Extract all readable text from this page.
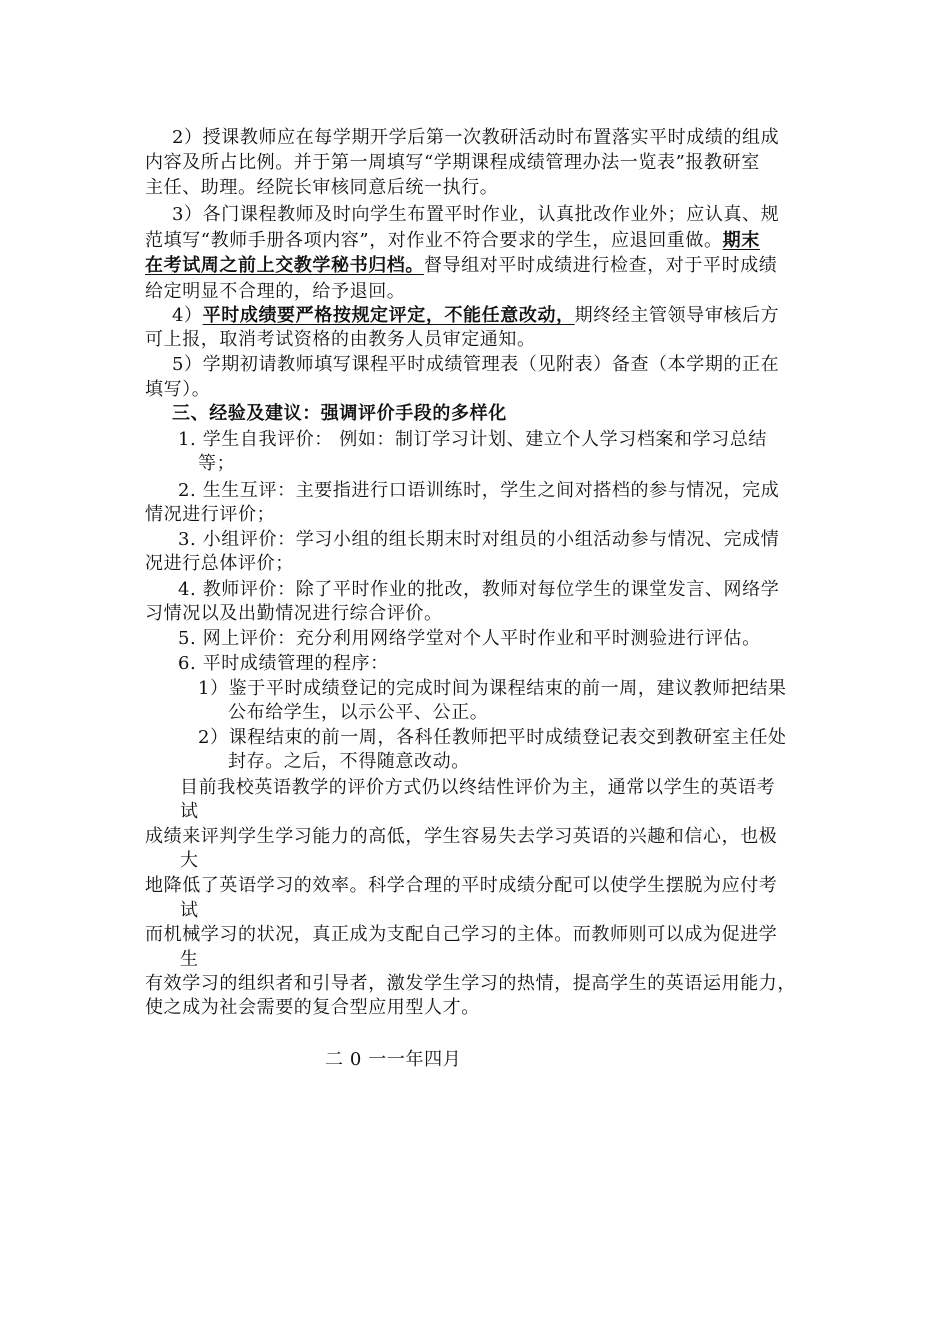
2）授课教师应在每学期开学后第一次教研活动时布置落实平时成绩的组成
内容及所占比例。并于第一周填写“学期课程成绩管理办法一览表”报教研室
主任、助理。经院长审核同意后统一执行。
3）各门课程教师及时向学生布置平时作业，认真批改作业外；应认真、规
范填写“教师手册各项内容”，对作业不符合要求的学生，应退回重做。期末
在考试周之前上交教学秘书归档。督导组对平时成绩进行检查，对于平时成绩
给定明显不合理的，给予退回。
4）平时成绩要严格按规定评定，不能任意改动，期终经主管领导审核后方
可上报，取消考试资格的由教务人员审定通知。
5）学期初请教师填写课程平时成绩管理表（见附表）备查（本学期的正在
填写）。
三、经验及建议：强调评价手段的多样化
1. 学生自我评价： 例如：制订学习计划、建立个人学习档案和学习总结
等；
2. 生生互评：主要指进行口语训练时，学生之间对搭档的参与情况，完成
情况进行评价；
3. 小组评价：学习小组的组长期末时对组员的小组活动参与情况、完成情
况进行总体评价；
4. 教师评价：除了平时作业的批改，教师对每位学生的课堂发言、网络学
习情况以及出勤情况进行综合评价。
5. 网上评价：充分利用网络学堂对个人平时作业和平时测验进行评估。
6. 平时成绩管理的程序：
1）鉴于平时成绩登记的完成时间为课程结束的前一周，建议教师把结果
公布给学生，以示公平、公正。
2）课程结束的前一周，各科任教师把平时成绩登记表交到教研室主任处
封存。之后，不得随意改动。
目前我校英语教学的评价方式仍以终结性评价为主，通常以学生的英语考
试
成绩来评判学生学习能力的高低，学生容易失去学习英语的兴趣和信心，也极
大
地降低了英语学习的效率。科学合理的平时成绩分配可以使学生摆脱为应付考
试
而机械学习的状况，真正成为支配自己学习的主体。而教师则可以成为促进学
生
有效学习的组织者和引导者，激发学生学习的热情，提高学生的英语运用能力，
使之成为社会需要的复合型应用型人才。
二 0 一一年四月
